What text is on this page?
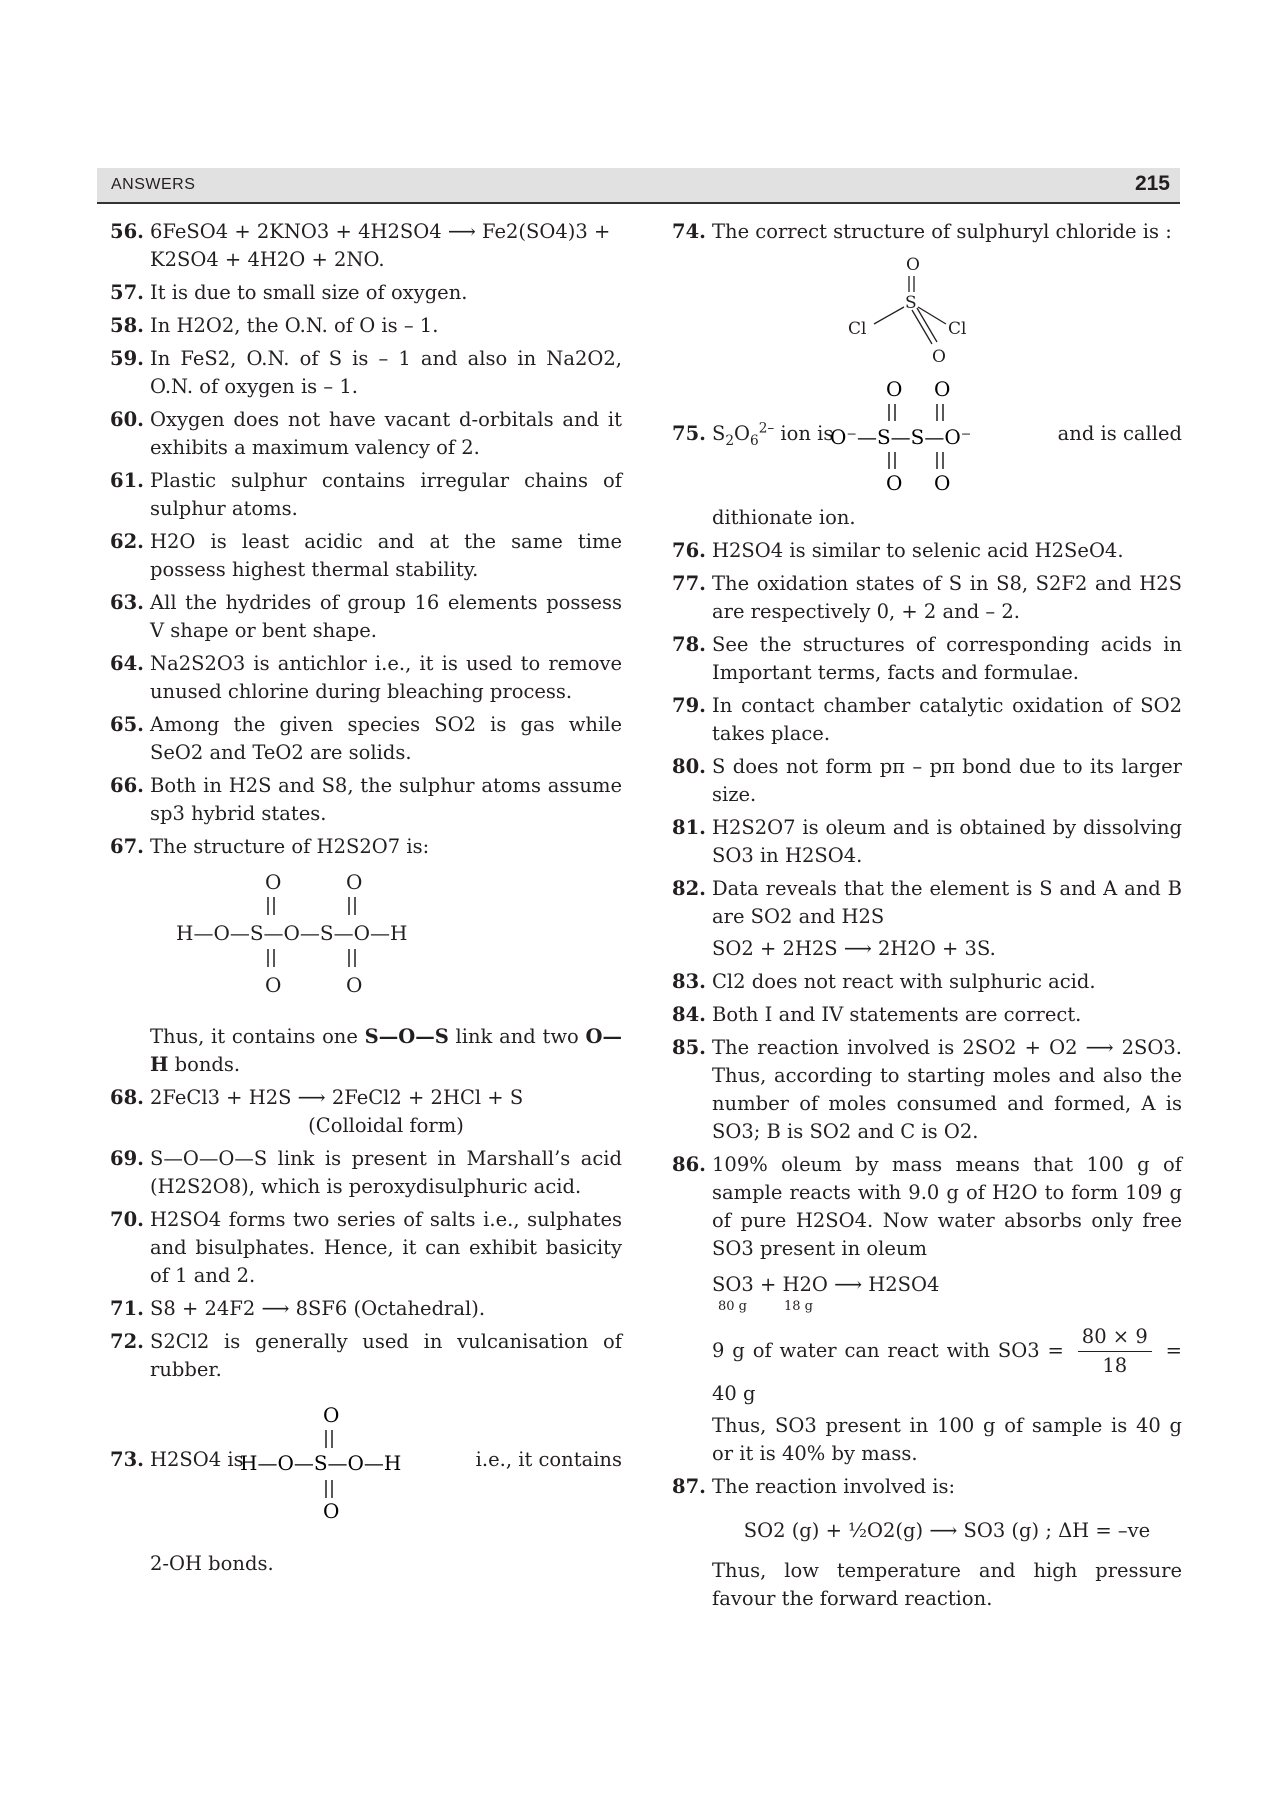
ANSWERS	215
56. 6FeSO4 + 2KNO3 + 4H2SO4 ⟶ Fe2(SO4)3 +
K2SO4 + 4H2O + 2NO.
57. It is due to small size of oxygen.
58. In H2O2, the O.N. of O is – 1.
59. In FeS2, O.N. of S is – 1 and also in Na2O2, O.N. of oxygen is – 1.
60. Oxygen does not have vacant d-orbitals and it exhibits a maximum valency of 2.
61. Plastic sulphur contains irregular chains of sulphur atoms.
62. H2O is least acidic and at the same time possess highest thermal stability.
63. All the hydrides of group 16 elements possess V shape or bent shape.
64. Na2S2O3 is antichlor i.e., it is used to remove unused chlorine during bleaching process.
65. Among the given species SO2 is gas while SeO2 and TeO2 are solids.
66. Both in H2S and S8, the sulphur atoms assume sp3 hybrid states.
67. The structure of H2S2O7 is:
O	O
H—O—S—O—S—O—H
O	O
Thus, it contains one S—O—S link and two O—H bonds.
68. 2FeCl3 + H2S ⟶ 2FeCl2 + 2HCl + S
(Colloidal form)
69. S—O—O—S link is present in Marshall’s acid (H2S2O8), which is peroxydisulphuric acid.
70. H2SO4 forms two series of salts i.e., sulphates and bisulphates. Hence, it can exhibit basicity of 1 and 2.
71. S8 + 24F2 ⟶ 8SF6 (Octahedral).
72. S2Cl2 is generally used in vulcanisation of rubber.
73. H2SO4 is
O
H—O—S—O—H
O
i.e., it contains
2-OH bonds.
74. The correct structure of sulphuryl chloride is :
O
S
Cl	Cl
O
75. $S_2O_6^{2-}$ ion is
O O
O⁻—S—S—O⁻
O O
and is called
dithionate ion.
76. H2SO4 is similar to selenic acid H2SeO4.
77. The oxidation states of S in S8, S2F2 and H2S are respectively 0, + 2 and – 2.
78. See the structures of corresponding acids in Important terms, facts and formulae.
79. In contact chamber catalytic oxidation of SO2 takes place.
80. S does not form pπ – pπ bond due to its larger size.
81. H2S2O7 is oleum and is obtained by dissolving SO3 in H2SO4.
82. Data reveals that the element is S and A and B are SO2 and H2S
SO2 + 2H2S ⟶ 2H2O + 3S.
83. Cl2 does not react with sulphuric acid.
84. Both I and IV statements are correct.
85. The reaction involved is 2SO2 + O2 ⟶ 2SO3. Thus, according to starting moles and also the number of moles consumed and formed, A is SO3; B is SO2 and C is O2.
86. 109% oleum by mass means that 100 g of sample reacts with 9.0 g of H2O to form 109 g of pure H2SO4. Now water absorbs only free SO3 present in oleum
SO3 + H2O ⟶ H2SO4
80 g	18 g
9 g of water can react with $SO3 = \frac{80 \times 9}{18} = 40$ g
Thus, SO3 present in 100 g of sample is 40 g or it is 40% by mass.
87. The reaction involved is:
SO2 (g) + ½O2(g) ⟶ SO3 (g) ; ΔH = –ve
Thus, low temperature and high pressure favour the forward reaction.
